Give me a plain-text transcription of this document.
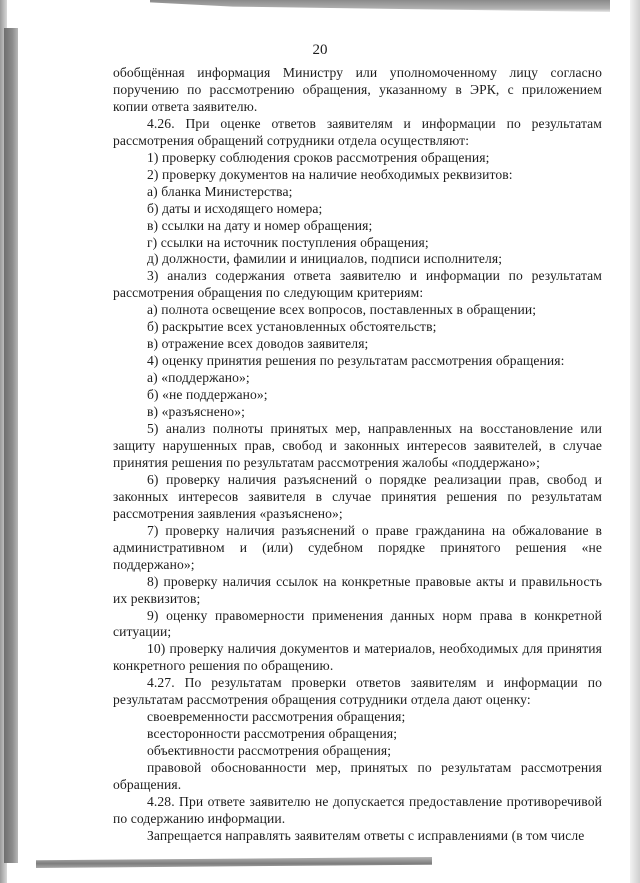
20

обобщённая информация Министру или уполномоченному лицу согласно поручению по рассмотрению обращения, указанному в ЭРК, с приложением копии ответа заявителю.

4.26. При оценке ответов заявителям и информации по результатам рассмотрения обращений сотрудники отдела осуществляют:

1) проверку соблюдения сроков рассмотрения обращения;

2) проверку документов на наличие необходимых реквизитов:

а) бланка Министерства;

б) даты и исходящего номера;

в) ссылки на дату и номер обращения;

г) ссылки на источник поступления обращения;

д) должности, фамилии и инициалов, подписи исполнителя;

3) анализ содержания ответа заявителю и информации по результатам рассмотрения обращения по следующим критериям:

а) полнота освещение всех вопросов, поставленных в обращении;

б) раскрытие всех установленных обстоятельств;

в) отражение всех доводов заявителя;

4) оценку принятия решения по результатам рассмотрения обращения:

а) «поддержано»;

б) «не поддержано»;

в) «разъяснено»;

5) анализ полноты принятых мер, направленных на восстановление или защиту нарушенных прав, свобод и законных интересов заявителей, в случае принятия решения по результатам рассмотрения жалобы «поддержано»;

6) проверку наличия разъяснений о порядке реализации прав, свобод и законных интересов заявителя в случае принятия решения по результатам рассмотрения заявления «разъяснено»;

7) проверку наличия разъяснений о праве гражданина на обжалование в административном и (или) судебном порядке принятого решения «не поддержано»;

8) проверку наличия ссылок на конкретные правовые акты и правильность их реквизитов;

9) оценку правомерности применения данных норм права в конкретной ситуации;

10) проверку наличия документов и материалов, необходимых для принятия конкретного решения по обращению.

4.27. По результатам проверки ответов заявителям и информации по результатам рассмотрения обращения сотрудники отдела дают оценку:

своевременности рассмотрения обращения;

всесторонности рассмотрения обращения;

объективности рассмотрения обращения;

правовой обоснованности мер, принятых по результатам рассмотрения обращения.

4.28. При ответе заявителю не допускается предоставление противоречивой по содержанию информации.

Запрещается направлять заявителям ответы с исправлениями (в том числе
